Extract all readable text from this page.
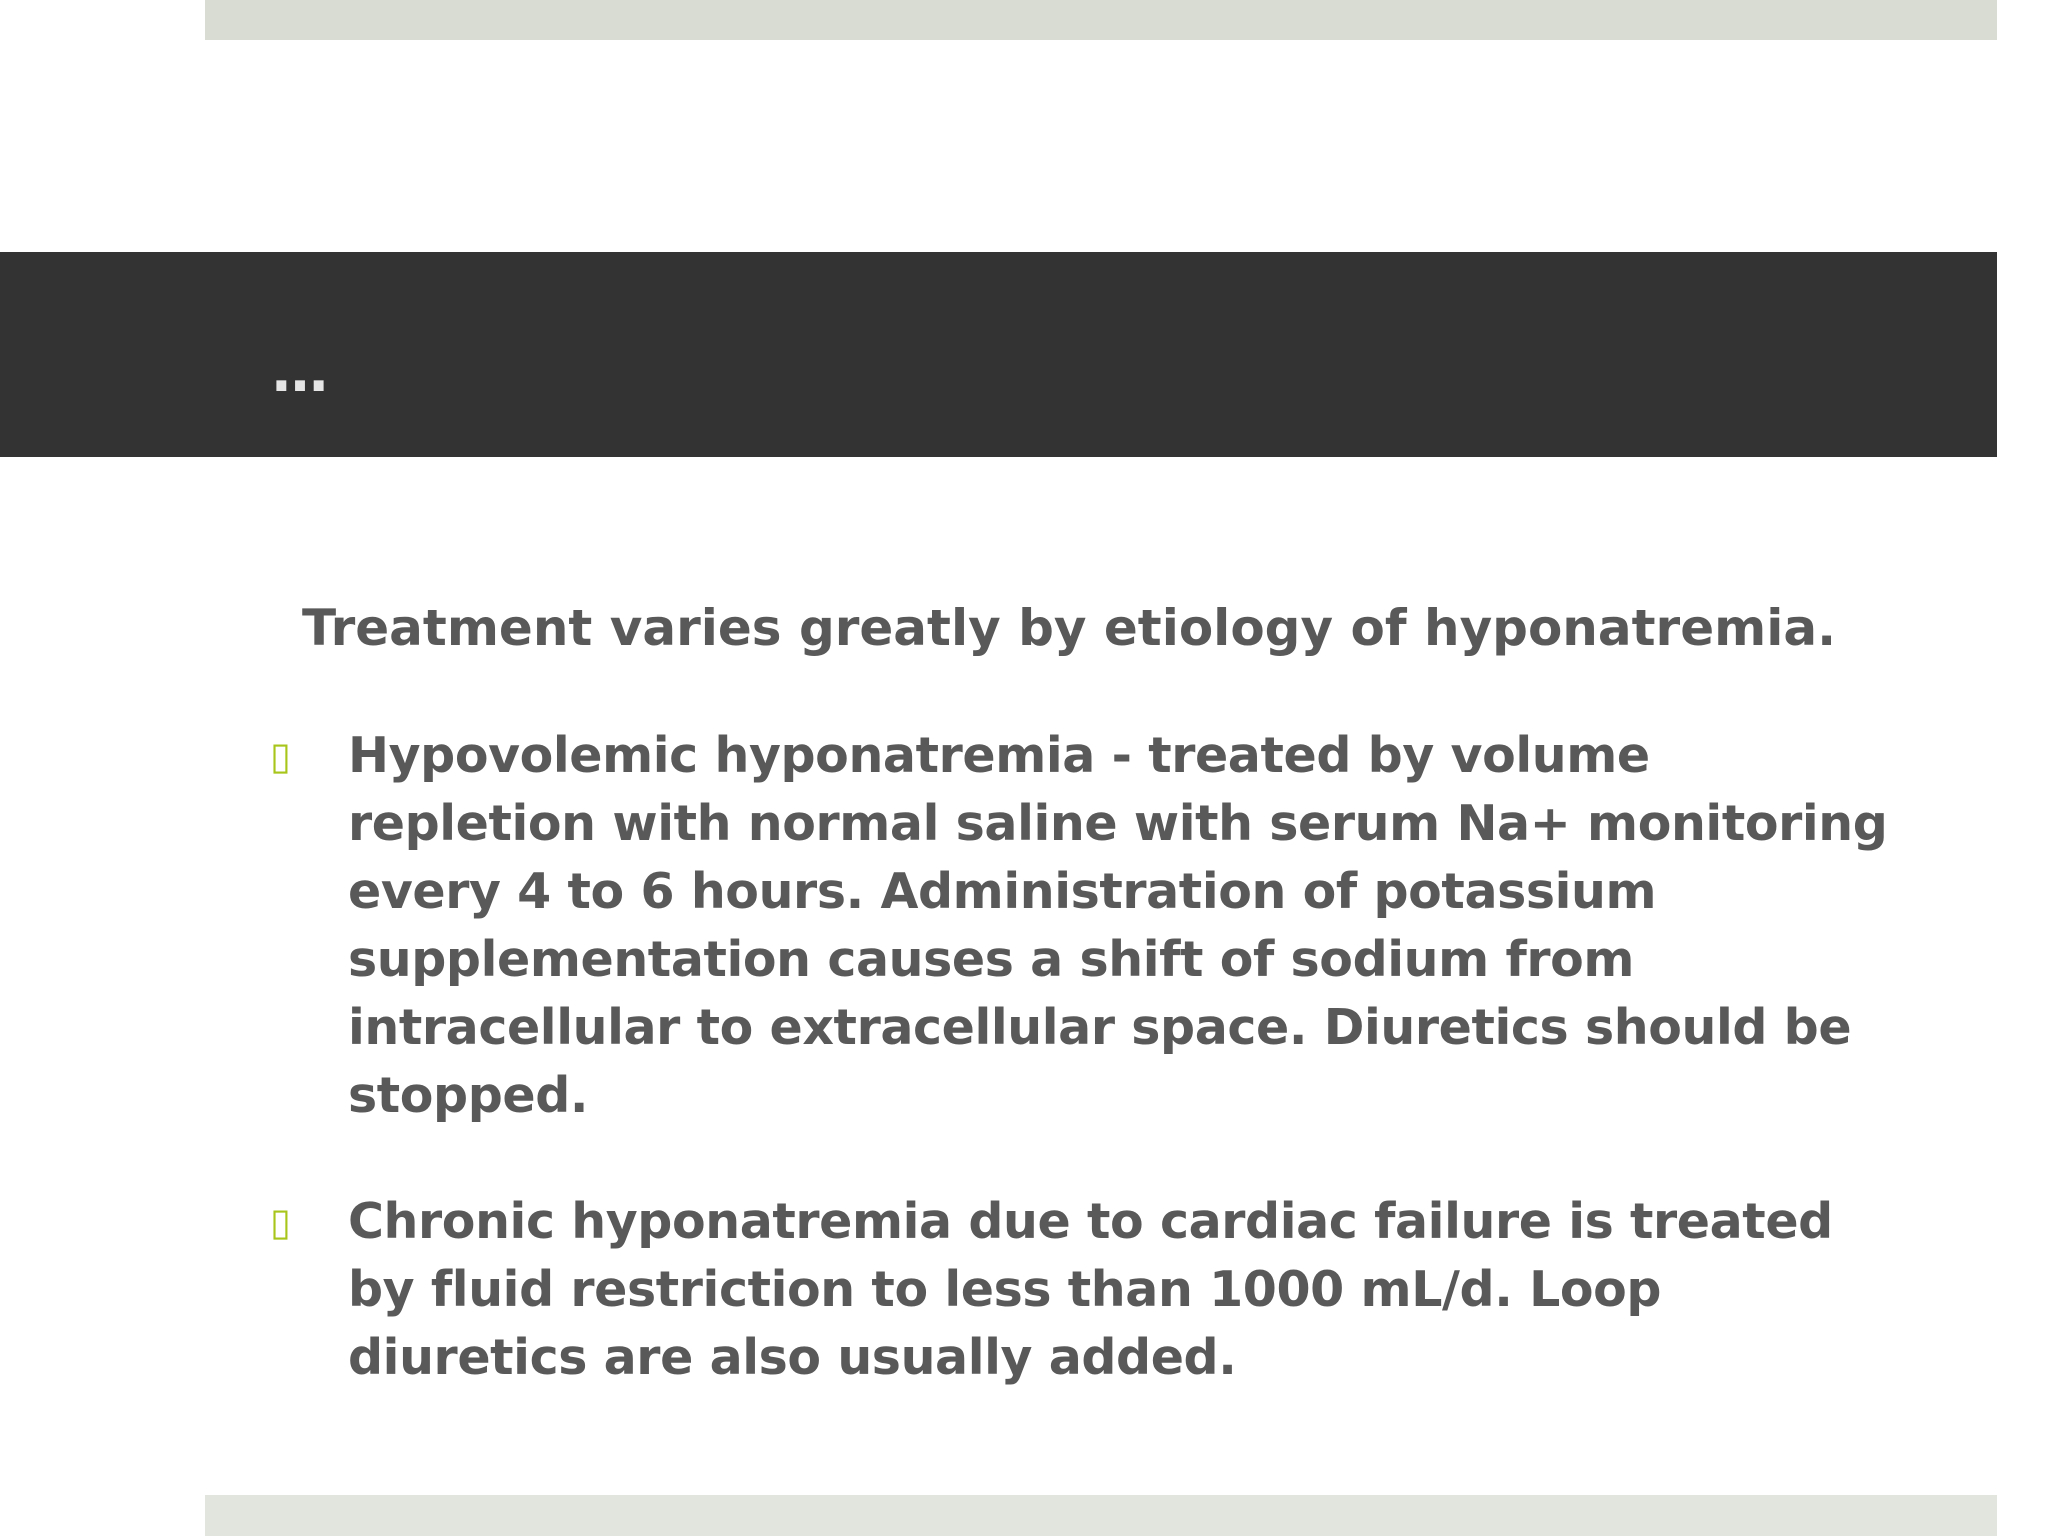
…

Treatment varies greatly by etiology of hyponatremia.

▯	Hypovolemic hyponatremia - treated by volume repletion with normal saline with serum Na+ monitoring every 4 to 6 hours. Administration of potassium supplementation causes a shift of sodium from intracellular to extracellular space. Diuretics should be stopped.
▯	Chronic hyponatremia due to cardiac failure is treated by fluid restriction to less than 1000 mL/d. Loop diuretics are also usually added.
